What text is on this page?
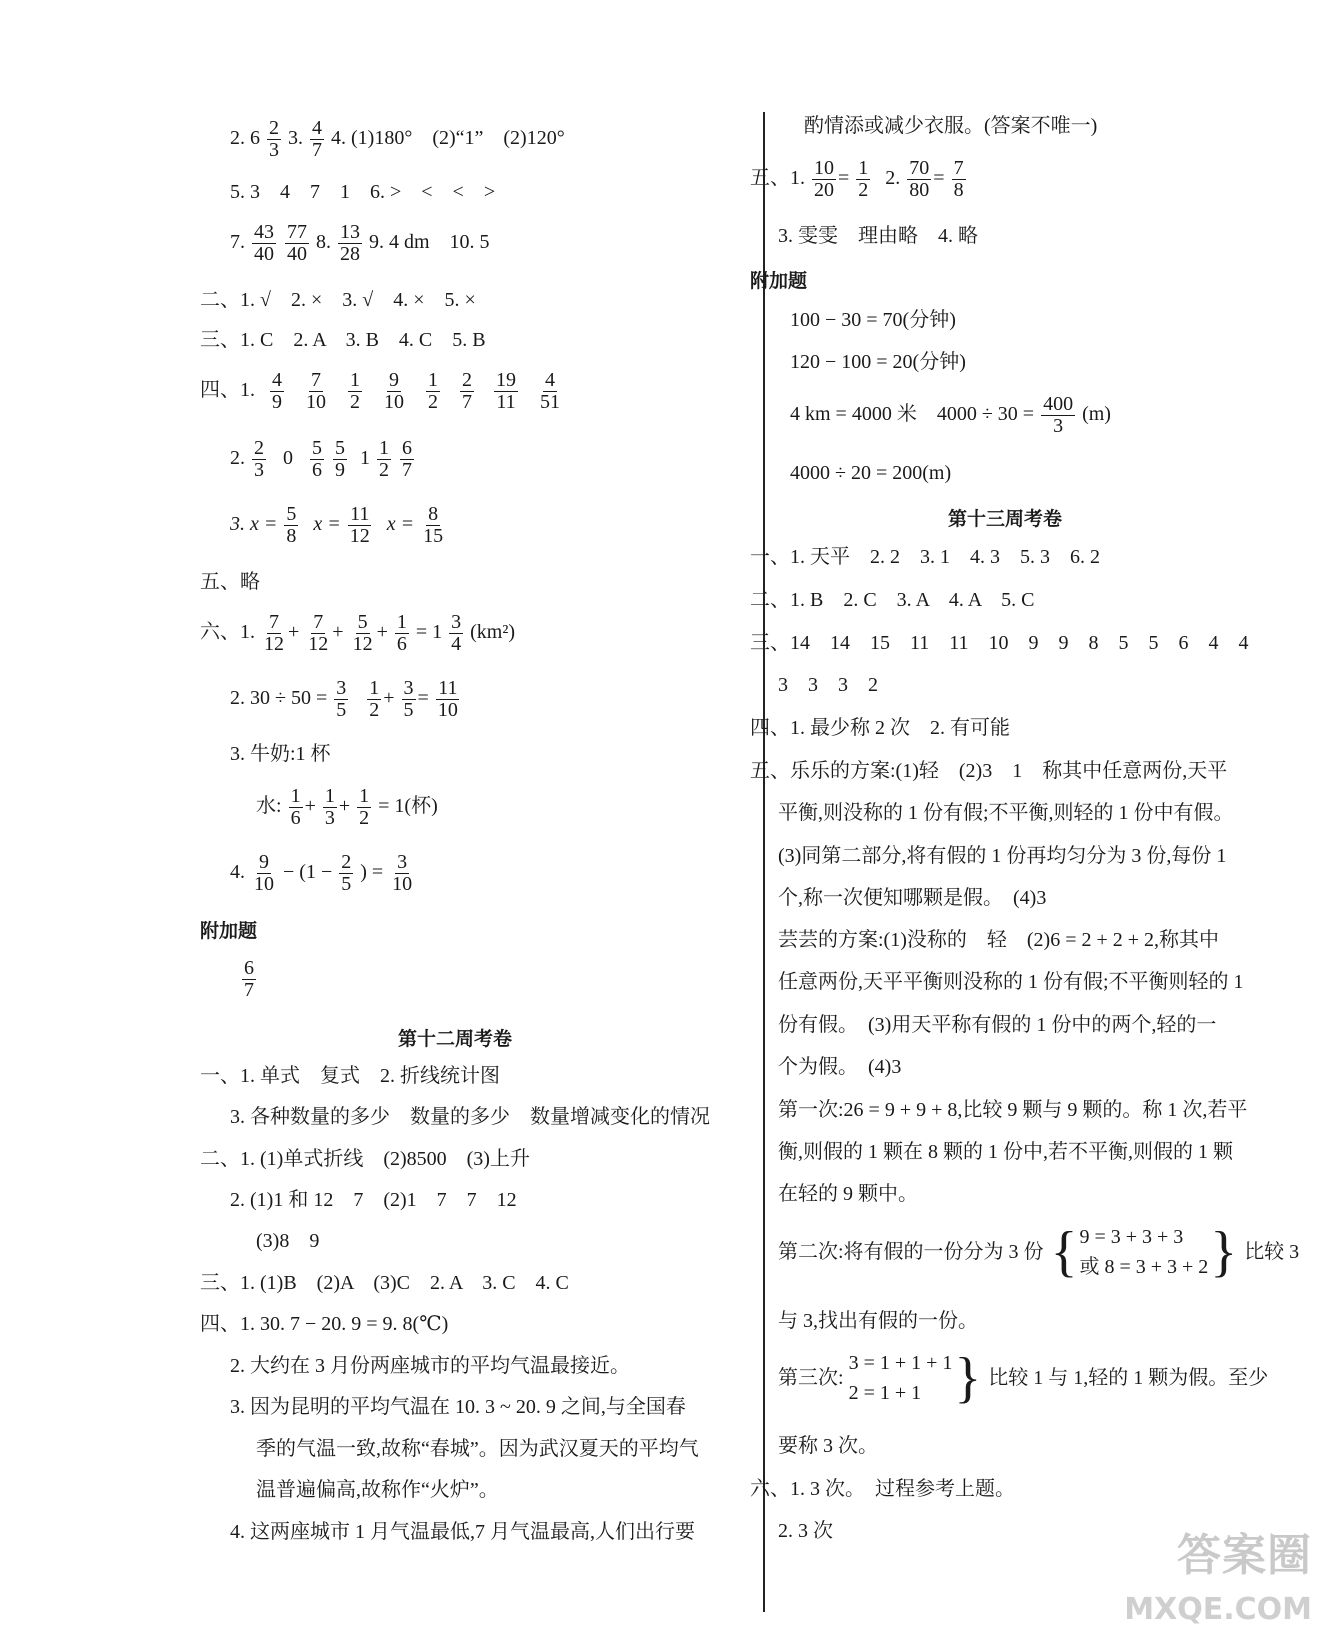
2. $6 \frac{2}{3} 3$. $\frac{4}{7} 4$. (1)180°　(2)“1”　(2)120°
5. 3　4　7　1　6. >　<　<　>
7. $\frac{43}{40}$
$\frac{77}{40} 8$. $\frac{13}{28} 9$. 4 dm　10. 5
二、1. √　2. ×　3. √　4. ×　5. ×
三、1. C　2. A　3. B　4. C　5. B
四、1. $\frac{4}{9} \frac{7}{10} \frac{1}{2} \frac{9}{10} \frac{1}{2} \frac{2}{7} \frac{19}{11} \frac{4}{51}$
2. $\frac{2}{3} 0 \frac{5}{6}$
$\frac{5}{9} 1 \frac{1}{2}$
$\frac{6}{7}$
3. $x = \frac{5}{8}$ $x = \frac{11}{12}$ $x = \frac{8}{15}$
五、略
六、1. $\frac{7}{12} + \frac{7}{12} + \frac{5}{12} + \frac{1}{6} = 1 \frac{3}{4} (km^2)$
2. $30 \div 50 = \frac{3}{5}$
$\frac{1}{2} + \frac{3}{5} = \frac{11}{10}$
3. 牛奶:1 杯
水: $\frac{1}{6} + \frac{1}{3} + \frac{1}{2} = 1$(杯)
4. $\frac{9}{10} - (1 - \frac{2}{5}$ ) = $\frac{3}{10}$
附加题
$\frac{6}{7}$
第十二周考卷
一、1. 单式　复式　2. 折线统计图
3. 各种数量的多少　数量的多少　数量增减变化的情况
二、1. (1)单式折线　(2)8500　(3)上升
2. (1)1 和 12　7　(2)1　7　7　12
(3)8　9
三、1. (1)B　(2)A　(3)C　2. A　3. C　4. C
四、1. 30. 7 − 20. 9 = 9. 8(℃)
2. 大约在 3 月份两座城市的平均气温最接近。
3. 因为昆明的平均气温在 10. 3 ~ 20. 9 之间,与全国春
季的气温一致,故称“春城”。因为武汉夏天的平均气
温普遍偏高,故称作“火炉”。
4. 这两座城市 1 月气温最低,7 月气温最高,人们出行要
酌情添或减少衣服。(答案不唯一)
五、1. $\frac{10}{20} = \frac{1}{2} 2$. $\frac{70}{80} = \frac{7}{8}$
3. 雯雯　理由略　4. 略
附加题
100 − 30 = 70(分钟)
120 − 100 = 20(分钟)
4 km = 4000 米　$4000 \div 30 = \frac{400}{3} (m)$
4000 ÷ 20 = 200(m)
第十三周考卷
一、1. 天平　2. 2　3. 1　4. 3　5. 3　6. 2
二、1. B　2. C　3. A　4. A　5. C
三、14　14　15　11　11　10　9　9　8　5　5　6　4　4
3　3　3　2
四、1. 最少称 2 次　2. 有可能
五、乐乐的方案:(1)轻　(2)3　1　称其中任意两份,天平
平衡,则没称的 1 份有假;不平衡,则轻的 1 份中有假。
(3)同第二部分,将有假的 1 份再均匀分为 3 份,每份 1
个,称一次便知哪颗是假。　(4)3
芸芸的方案:(1)没称的　轻　(2)6 = 2 + 2 + 2,称其中
任意两份,天平平衡则没称的 1 份有假;不平衡则轻的 1
份有假。　(3)用天平称有假的 1 份中的两个,轻的一
个为假。　(4)3
第一次:26 = 9 + 9 + 8,比较 9 颗与 9 颗的。称 1 次,若平
衡,则假的 1 颗在 8 颗的 1 份中,若不平衡,则假的 1 颗
在轻的 9 颗中。
第二次:将有假的一份分为 3 份 { 9 = 3 + 3 + 3
或 8 = 3 + 3 + 2 } 比较 3
与 3,找出有假的一份。
第三次:
3 = 1 + 1 + 1
2 = 1 + 1 } 比较 1 与 1,轻的 1 颗为假。至少
要称 3 次。
六、1. 3 次。　过程参考上题。
2. 3 次	答案圈
MXQE.COM
